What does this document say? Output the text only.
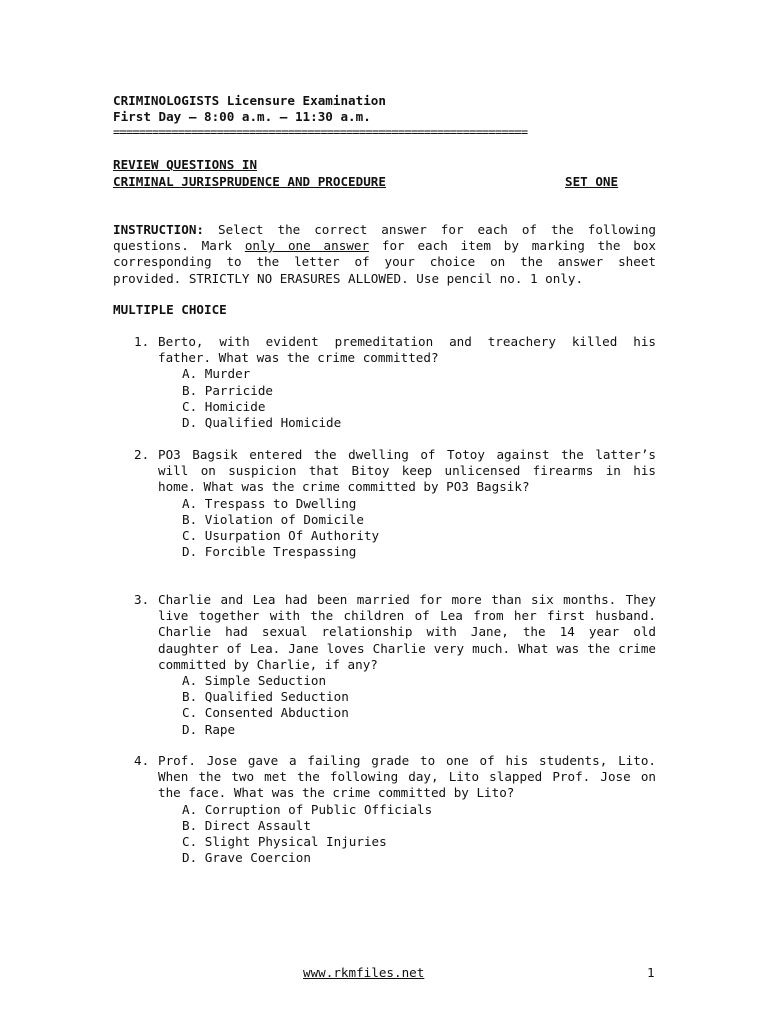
CRIMINOLOGISTS Licensure Examination
First Day – 8:00 a.m. – 11:30 a.m.
================================================================
REVIEW QUESTIONS IN
CRIMINAL JURISPRUDENCE AND PROCEDURE	SET ONE
INSTRUCTION: Select the correct answer for each of the following questions. Mark only one answer for each item by marking the box corresponding to the letter of your choice on the answer sheet provided. STRICTLY NO ERASURES ALLOWED. Use pencil no. 1 only.
MULTIPLE CHOICE
1. Berto, with evident premeditation and treachery killed his father. What was the crime committed?
A. Murder
B. Parricide
C. Homicide
D. Qualified Homicide
2. PO3 Bagsik entered the dwelling of Totoy against the latter’s will on suspicion that Bitoy keep unlicensed firearms in his home. What was the crime committed by PO3 Bagsik?
A. Trespass to Dwelling
B. Violation of Domicile
C. Usurpation Of Authority
D. Forcible Trespassing
3. Charlie and Lea had been married for more than six months. They live together with the children of Lea from her first husband. Charlie had sexual relationship with Jane, the 14 year old daughter of Lea. Jane loves Charlie very much. What was the crime committed by Charlie, if any?
A. Simple Seduction
B. Qualified Seduction
C. Consented Abduction
D. Rape
4. Prof. Jose gave a failing grade to one of his students, Lito. When the two met the following day, Lito slapped Prof. Jose on the face. What was the crime committed by Lito?
A. Corruption of Public Officials
B. Direct Assault
C. Slight Physical Injuries
D. Grave Coercion
www.rkmfiles.net	1
